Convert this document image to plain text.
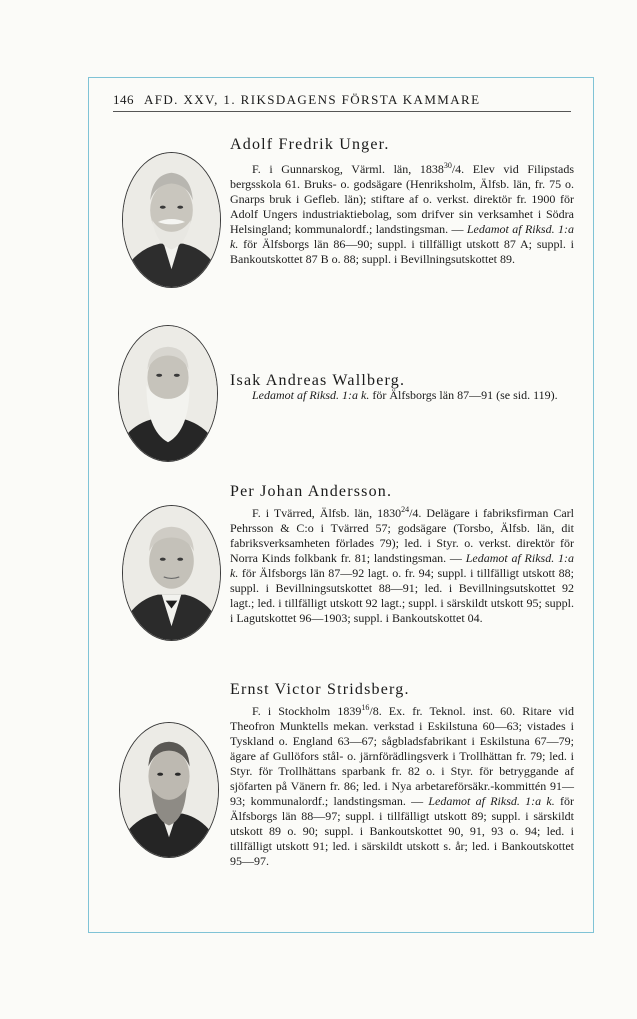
146 AFD. XXV, 1. RIKSDAGENS FÖRSTA KAMMARE
Adolf Fredrik Unger.

F. i Gunnarskog, Värml. län, 1838$^{30}$/4. Elev vid Filipstads bergsskola 61. Bruks- o. godsägare (Henriksholm, Älfsb. län, fr. 75 o. Gnarps bruk i Gefleb. län); stiftare af o. verkst. direktör fr. 1900 för Adolf Ungers industriaktiebolag, som drifver sin verksamhet i Södra Helsingland; kommunalordf.; landstingsman. — Ledamot af Riksd. 1:a k. för Älfsborgs län 86—90; suppl. i tillfälligt utskott 87 A; suppl. i Bankoutskottet 87 B o. 88; suppl. i Bevillningsutskottet 89.

Isak Andreas Wallberg.

Ledamot af Riksd. 1:a k. för Älfsborgs län 87—91 (se sid. 119).

Per Johan Andersson.

F. i Tvärred, Älfsb. län, 1830$^{24}$/4. Delägare i fabriksfirman Carl Pehrsson & C:o i Tvärred 57; godsägare (Torsbo, Älfsb. län, dit fabriksverksamheten förlades 79); led. i Styr. o. verkst. direktör för Norra Kinds folkbank fr. 81; landstingsman. — Ledamot af Riksd. 1:a k. för Älfsborgs län 87—92 lagt. o. fr. 94; suppl. i tillfälligt utskott 88; suppl. i Bevillningsutskottet 88—91; led. i Bevillningsutskottet 92 lagt.; led. i tillfälligt utskott 92 lagt.; suppl. i särskildt utskott 95; suppl. i Lagutskottet 96—1903; suppl. i Bankoutskottet 04.

Ernst Victor Stridsberg.

F. i Stockholm 1839$^{16}$/8. Ex. fr. Teknol. inst. 60. Ritare vid Theofron Munktells mekan. verkstad i Eskilstuna 60—63; vistades i Tyskland o. England 63—67; sågbladsfabrikant i Eskilstuna 67—79; ägare af Gullöfors stål- o. järnförädlingsverk i Trollhättan fr. 79; led. i Styr. för Trollhättans sparbank fr. 82 o. i Styr. för betryggande af sjöfarten på Vänern fr. 86; led. i Nya arbetareförsäkr.-kommittén 91—93; kommunalordf.; landstingsman. — Ledamot af Riksd. 1:a k. för Älfsborgs län 88—97; suppl. i tillfälligt utskott 89; suppl. i särskildt utskott 89 o. 90; suppl. i Bankoutskottet 90, 91, 93 o. 94; led. i tillfälligt utskott 91; led. i särskildt utskott s. år; led. i Bankoutskottet 95—97.
